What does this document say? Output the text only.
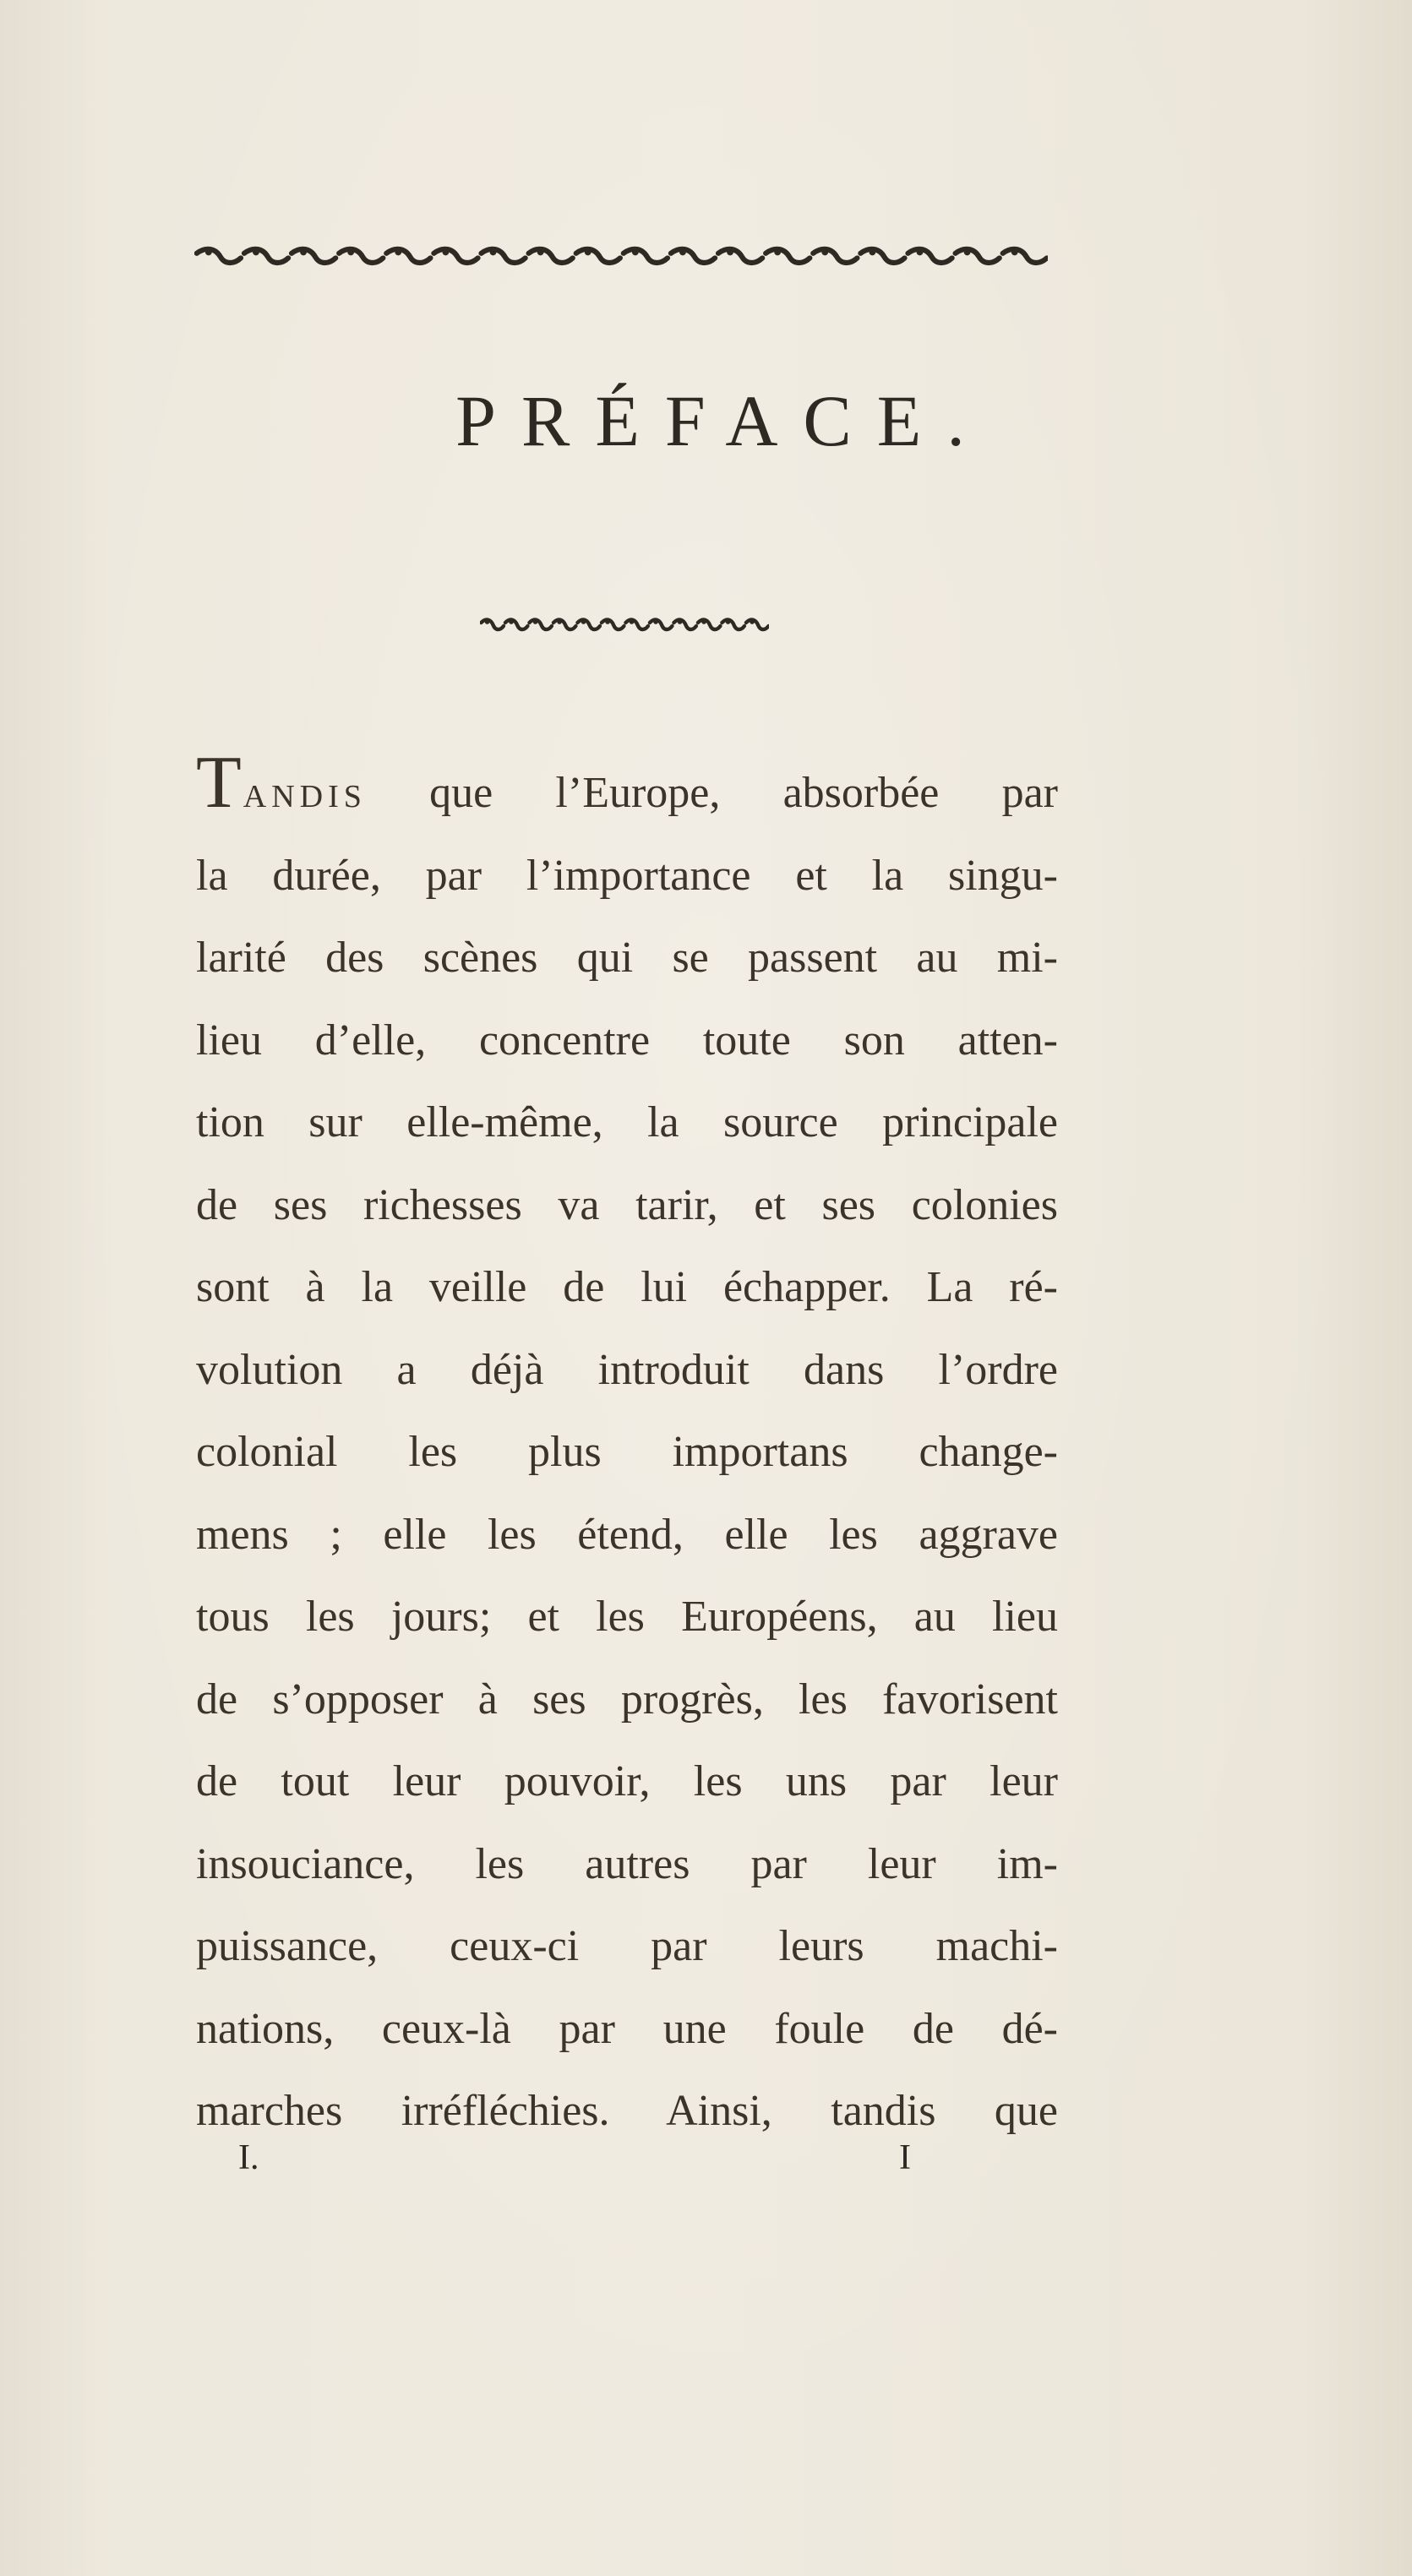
PRÉFACE.
TANDIS que l’Europe, absorbée par
la durée, par l’importance et la singu-
larité des scènes qui se passent au mi-
lieu d’elle, concentre toute son atten-
tion sur elle-même, la source principale
de ses richesses va tarir, et ses colonies
sont à la veille de lui échapper. La ré-
volution a déjà introduit dans l’ordre
colonial les plus importans change-
mens ; elle les étend, elle les aggrave
tous les jours; et les Européens, au lieu
de s’opposer à ses progrès, les favorisent
de tout leur pouvoir, les uns par leur
insouciance, les autres par leur im-
puissance, ceux-ci par leurs machi-
nations, ceux-là par une foule de dé-
marches irréfléchies. Ainsi, tandis que
I.	I
